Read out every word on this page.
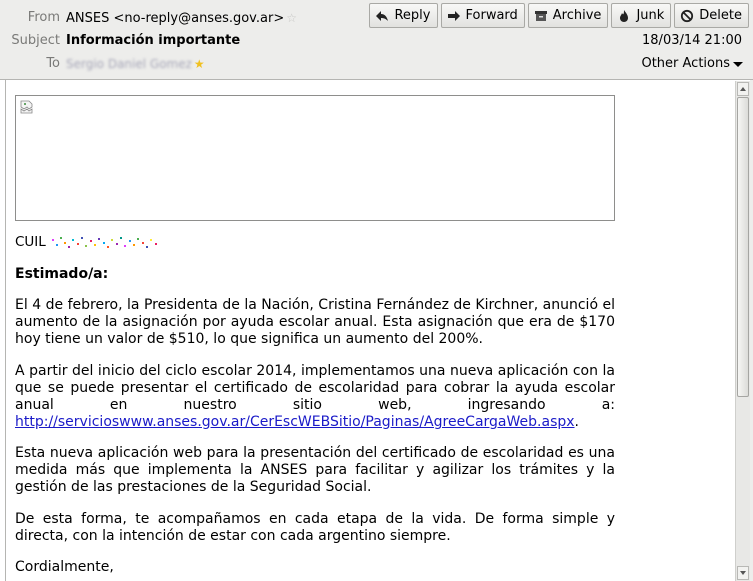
From ANSES <no-reply@anses.gov.ar> ☆
Subject Información importante
To Sergio Daniel Gomez ★
Reply	Forward	Archive	Junk	Delete
18/03/14 21:00
Other Actions
CUIL
Estimado/a:
El 4 de febrero, la Presidenta de la Nación, Cristina Fernández de Kirchner, anunció el aumento de la asignación por ayuda escolar anual. Esta asignación que era de $170 hoy tiene un valor de $510, lo que significa un aumento del 200%.
A partir del inicio del ciclo escolar 2014, implementamos una nueva aplicación con la que se puede presentar el certificado de escolaridad para cobrar la ayuda escolar anual en nuestro sitio web, ingresando a: http://servicioswww.anses.gov.ar/CerEscWEBSitio/Paginas/AgreeCargaWeb.aspx.
Esta nueva aplicación web para la presentación del certificado de escolaridad es una medida más que implementa la ANSES para facilitar y agilizar los trámites y la gestión de las prestaciones de la Seguridad Social.
De esta forma, te acompañamos en cada etapa de la vida. De forma simple y directa, con la intención de estar con cada argentino siempre.
Cordialmente,
